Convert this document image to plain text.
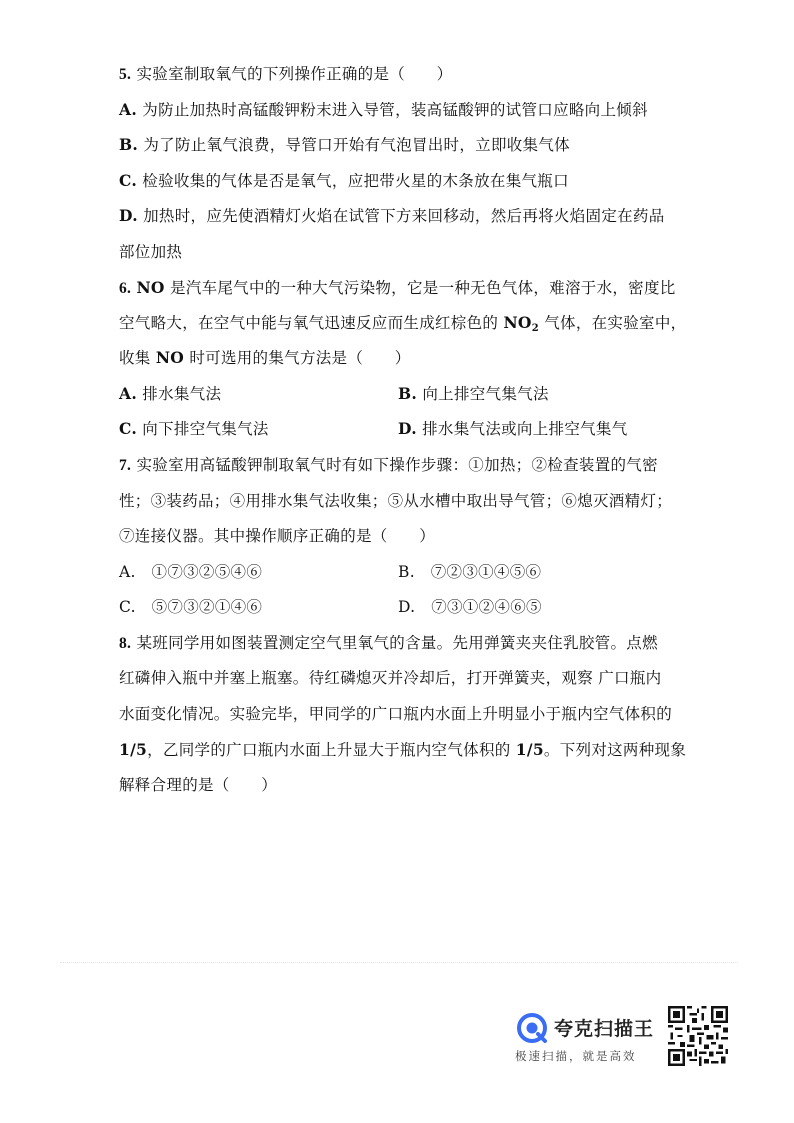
5. 实验室制取氧气的下列操作正确的是（　　）
A. 为防止加热时高锰酸钾粉末进入导管，装高锰酸钾的试管口应略向上倾斜
B. 为了防止氧气浪费，导管口开始有气泡冒出时，立即收集气体
C. 检验收集的气体是否是氧气，应把带火星的木条放在集气瓶口
D. 加热时，应先使酒精灯火焰在试管下方来回移动，然后再将火焰固定在药品
部位加热
6. NO 是汽车尾气中的一种大气污染物，它是一种无色气体，难溶于水，密度比
空气略大，在空气中能与氧气迅速反应而生成红棕色的 $NO_2$ 气体，在实验室中，
收集 NO 时可选用的集气方法是（　　）
A. 排水集气法	B. 向上排空气集气法
C. 向下排空气集气法	D. 排水集气法或向上排空气集气
7. 实验室用高锰酸钾制取氧气时有如下操作步骤：①加热；②检查装置的气密
性；③装药品；④用排水集气法收集；⑤从水槽中取出导气管；⑥熄灭酒精灯；
⑦连接仪器。其中操作顺序正确的是（　　）
A.　①⑦③②⑤④⑥	B.　⑦②③①④⑤⑥
C.　⑤⑦③②①④⑥	D.　⑦③①②④⑥⑤
8. 某班同学用如图装置测定空气里氧气的含量。先用弹簧夹夹住乳胶管。点燃
红磷伸入瓶中并塞上瓶塞。待红磷熄灭并冷却后，打开弹簧夹，观察 广口瓶内
水面变化情况。实验完毕，甲同学的广口瓶内水面上升明显小于瓶内空气体积的
1/5，乙同学的广口瓶内水面上升显大于瓶内空气体积的 1/5。下列对这两种现象
解释合理的是（　　）
夸克扫描王
极速扫描，就是高效
